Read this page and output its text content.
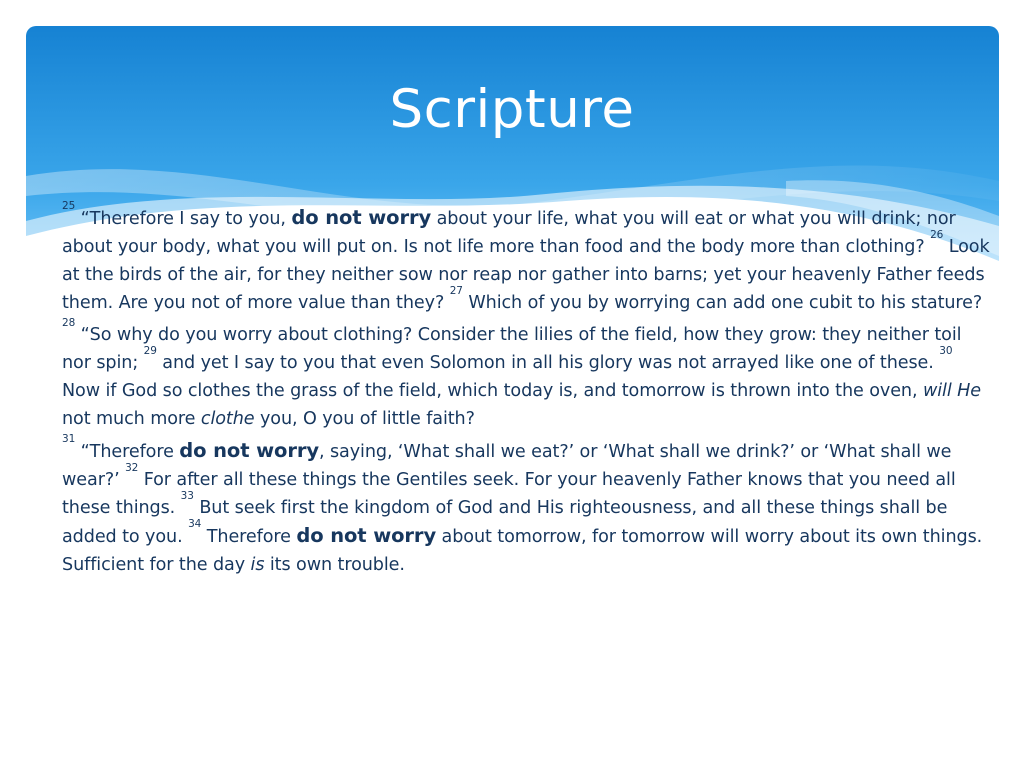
Scripture

$^{25}$ “Therefore I say to you, do not worry about your life, what you will eat or what you will drink; nor about your body, what you will put on. Is not life more than food and the body more than clothing? $^{26}$ Look at the birds of the air, for they neither sow nor reap nor gather into barns; yet your heavenly Father feeds them. Are you not of more value than they? $^{27}$ Which of you by worrying can add one cubit to his stature?

$^{28}$ “So why do you worry about clothing? Consider the lilies of the field, how they grow: they neither toil nor spin; $^{29}$ and yet I say to you that even Solomon in all his glory was not arrayed like one of these. $^{30}$ Now if God so clothes the grass of the field, which today is, and tomorrow is thrown into the oven, will He not much more clothe you, O you of little faith?

$^{31}$ “Therefore do not worry, saying, ‘What shall we eat?’ or ‘What shall we drink?’ or ‘What shall we wear?’ $^{32}$ For after all these things the Gentiles seek. For your heavenly Father knows that you need all these things. $^{33}$ But seek first the kingdom of God and His righteousness, and all these things shall be added to you. $^{34}$ Therefore do not worry about tomorrow, for tomorrow will worry about its own things. Sufficient for the day is its own trouble.
